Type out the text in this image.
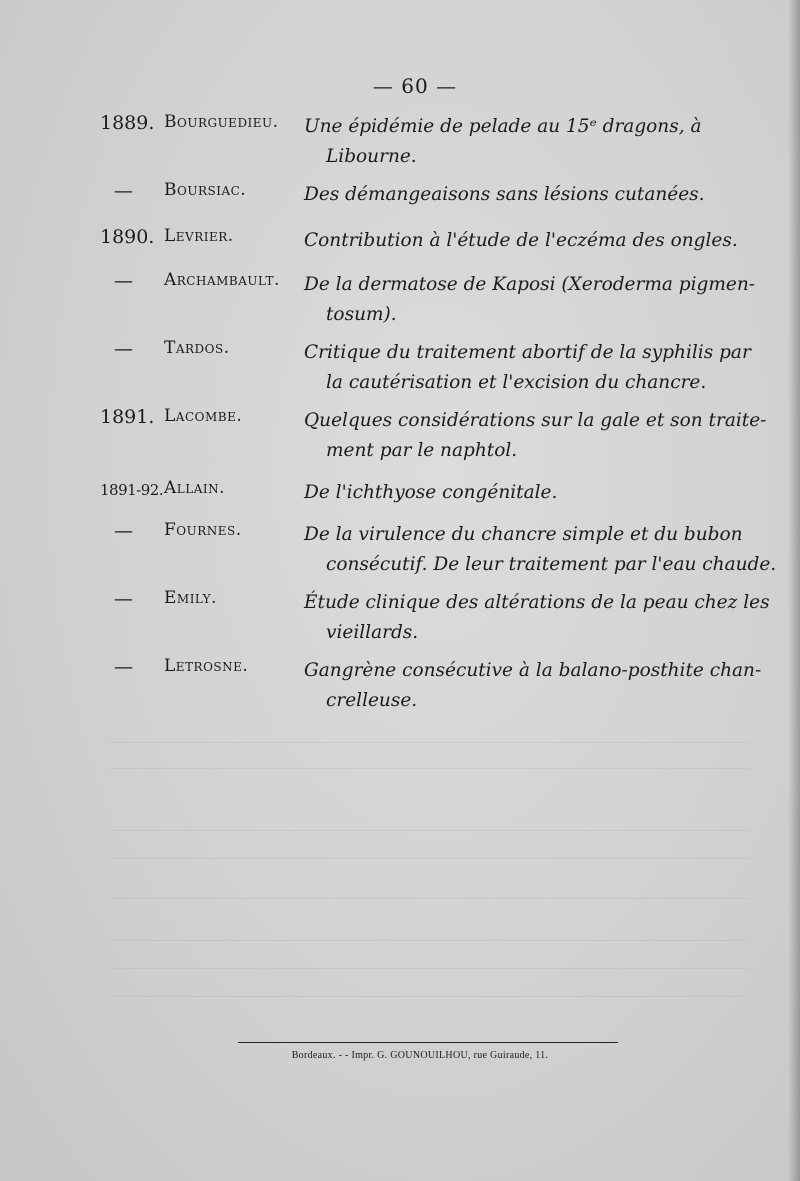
— 60 —
1889. Bourguedieu. Une épidémie de pelade au 15ᵉ dragons, à
Libourne.
—	Boursiac.	Des démangeaisons sans lésions cutanées.
1890. Levrier.	Contribution à l'étude de l'eczéma des ongles.
—	Archambault. De la dermatose de Kaposi (Xeroderma pigmen-
tosum).
—	Tardos.	Critique du traitement abortif de la syphilis par
la cautérisation et l'excision du chancre.
1891. Lacombe.	Quelques considérations sur la gale et son traite-
ment par le naphtol.
1891-92. Allain.	De l'ichthyose congénitale.
—	Fournes.	De la virulence du chancre simple et du bubon
consécutif. De leur traitement par l'eau chaude.
—	Emily.	Étude clinique des altérations de la peau chez les
vieillards.
—	Letrosne.	Gangrène consécutive à la balano-posthite chan-
crelleuse.
Bordeaux. - - Impr. G. GOUNOUILHOU, rue Guiraude, 11.
